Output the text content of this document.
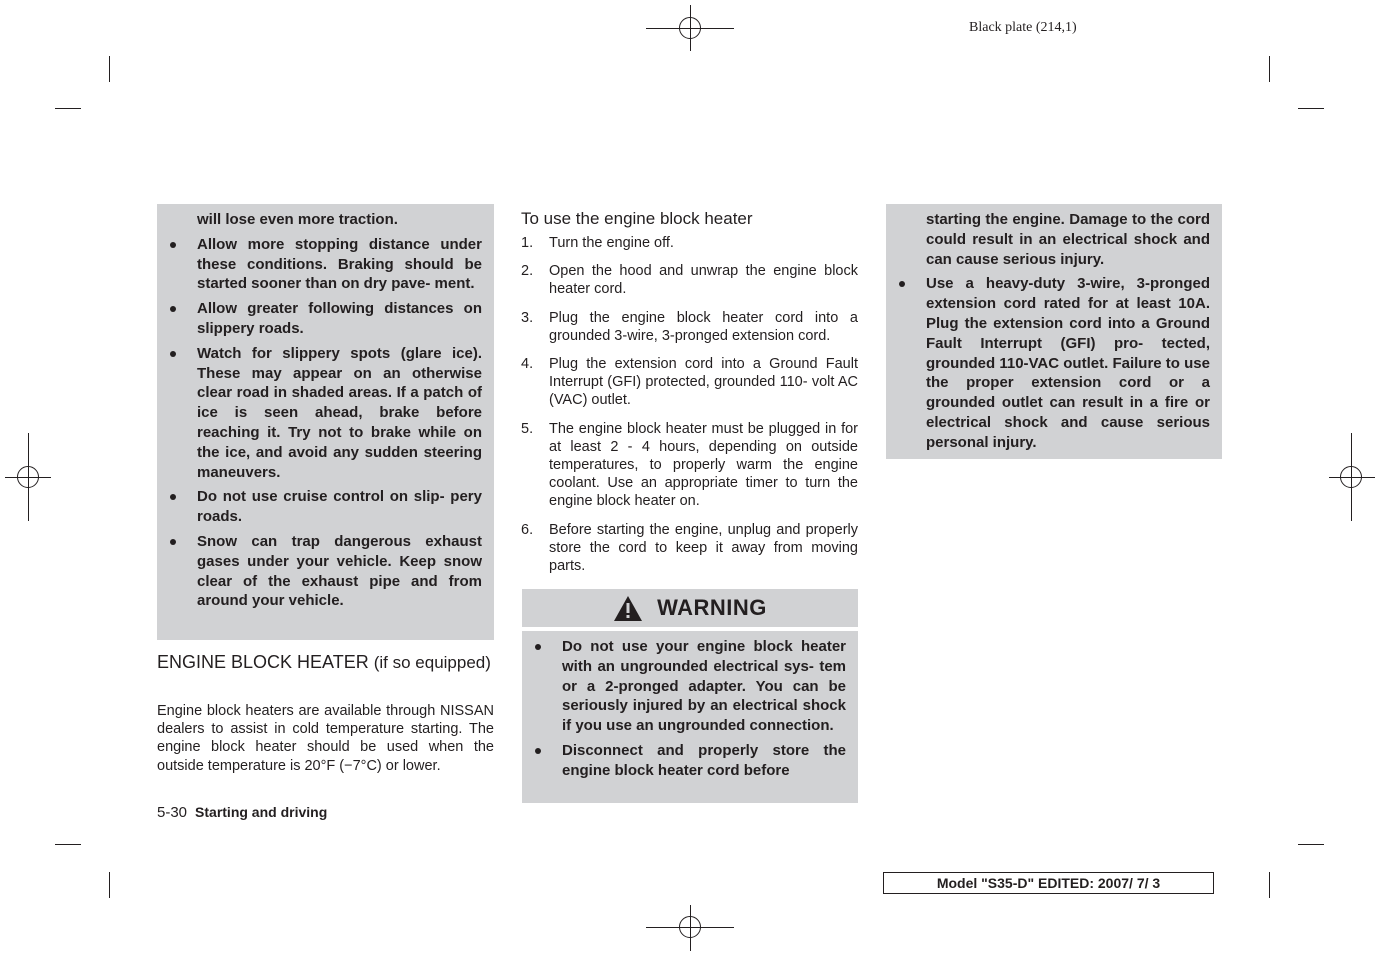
Black plate (214,1)
will lose even more traction.
Allow more stopping distance under these conditions. Braking should be started sooner than on dry pave- ment.
Allow greater following distances on slippery roads.
Watch for slippery spots (glare ice). These may appear on an otherwise clear road in shaded areas. If a patch of ice is seen ahead, brake before reaching it. Try not to brake while on the ice, and avoid any sudden steering maneuvers.
Do not use cruise control on slip- pery roads.
Snow can trap dangerous exhaust gases under your vehicle. Keep snow clear of the exhaust pipe and from around your vehicle.
ENGINE BLOCK HEATER (if so equipped)
Engine block heaters are available through NISSAN dealers to assist in cold temperature starting. The engine block heater should be used when the outside temperature is 20°F (−7°C) or lower.
5-30 Starting and driving
To use the engine block heater
1.	Turn the engine off.
2.	Open the hood and unwrap the engine block heater cord.
3.	Plug the engine block heater cord into a grounded 3-wire, 3-pronged extension cord.
4.	Plug the extension cord into a Ground Fault Interrupt (GFI) protected, grounded 110- volt AC (VAC) outlet.
5.	The engine block heater must be plugged in for at least 2 - 4 hours, depending on outside temperatures, to properly warm the engine coolant. Use an appropriate timer to turn the engine block heater on.
6.	Before starting the engine, unplug and properly store the cord to keep it away from moving parts.
WARNING
Do not use your engine block heater with an ungrounded electrical sys- tem or a 2-pronged adapter. You can be seriously injured by an electrical shock if you use an ungrounded connection.
Disconnect and properly store the engine block heater cord before
starting the engine. Damage to the cord could result in an electrical shock and can cause serious injury.
Use a heavy-duty 3-wire, 3-pronged extension cord rated for at least 10A. Plug the extension cord into a Ground Fault Interrupt (GFI) pro- tected, grounded 110-VAC outlet. Failure to use the proper extension cord or a grounded outlet can result in a fire or electrical shock and cause serious personal injury.
Model "S35-D" EDITED: 2007/ 7/ 3
